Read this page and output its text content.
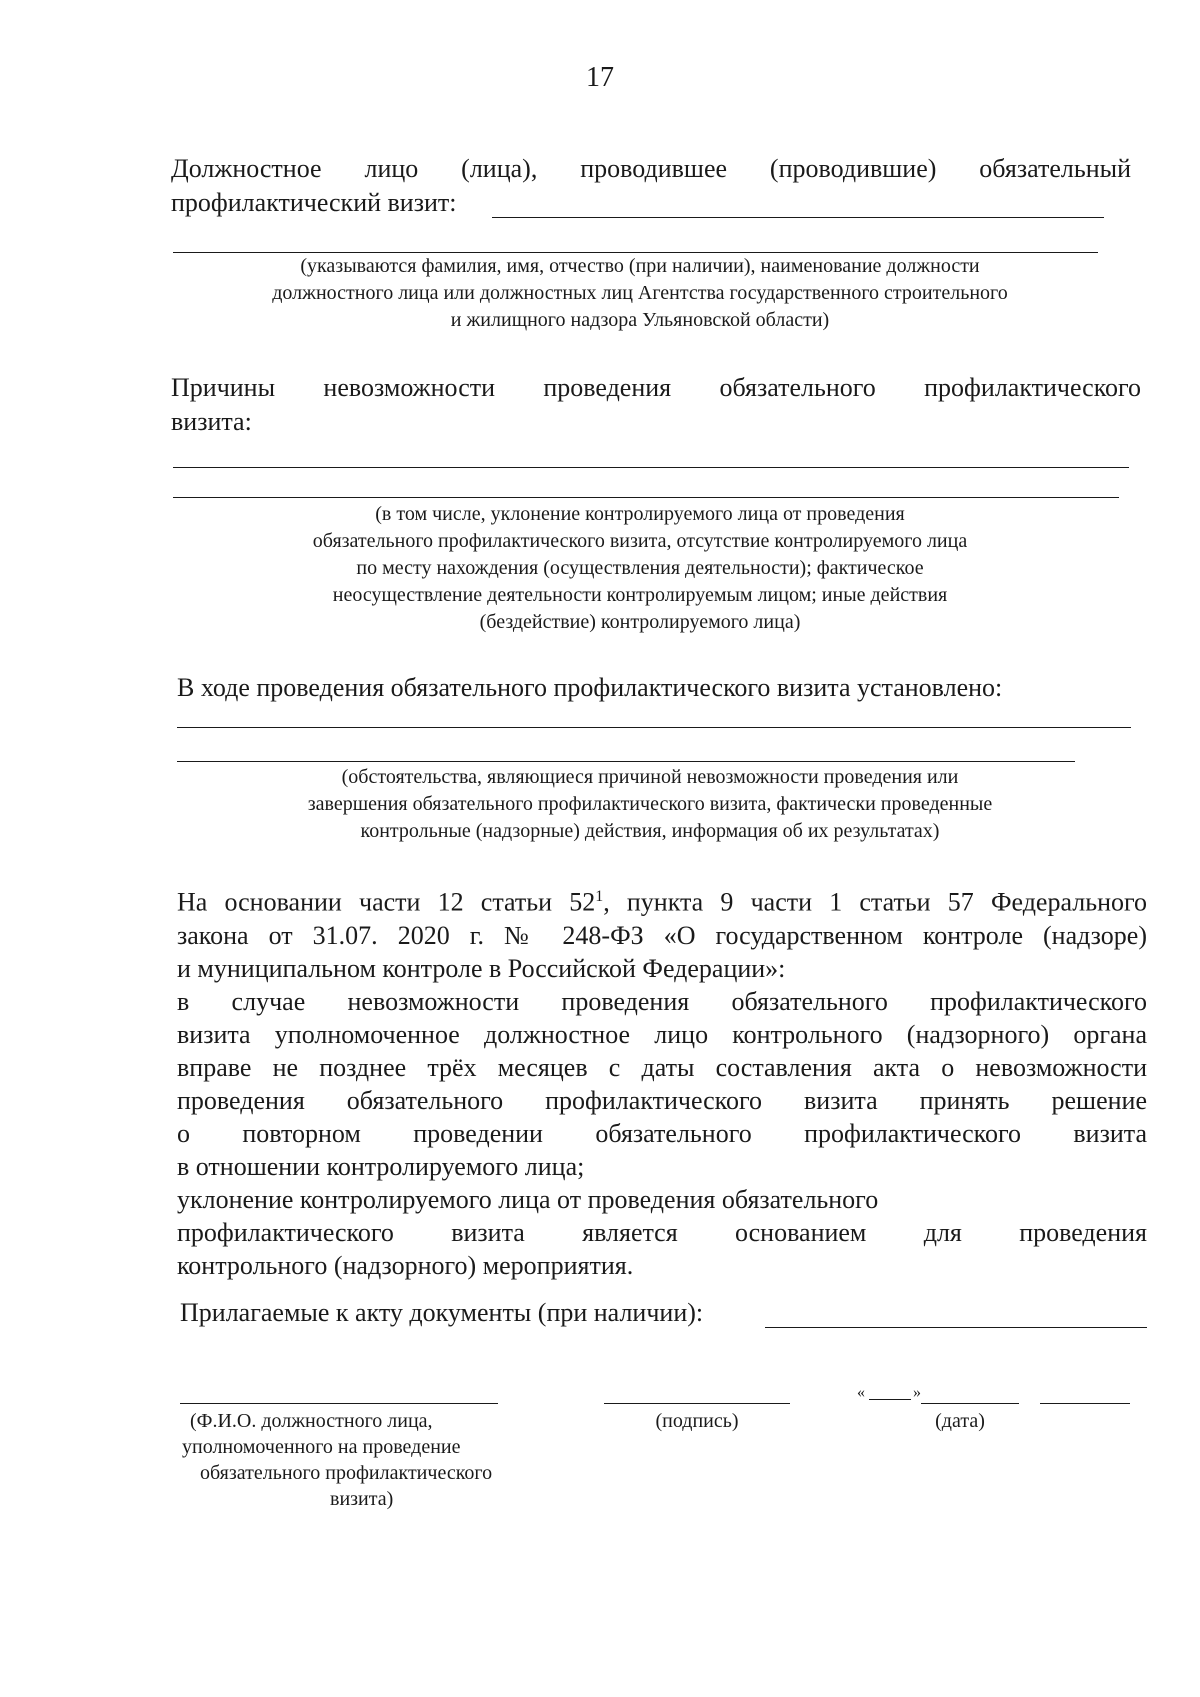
17
Должностное лицо (лица), проводившее (проводившие) обязательный
профилактический визит:
(указываются фамилия, имя, отчество (при наличии), наименование должности
должностного лица или должностных лиц Агентства государственного строительного
и жилищного надзора Ульяновской области)
Причины невозможности проведения обязательного профилактического
визита:
(в том числе, уклонение контролируемого лица от проведения
обязательного профилактического визита, отсутствие контролируемого лица
по месту нахождения (осуществления деятельности); фактическое
неосуществление деятельности контролируемым лицом; иные действия
(бездействие) контролируемого лица)
В ходе проведения обязательного профилактического визита установлено:
(обстоятельства, являющиеся причиной невозможности проведения или
завершения обязательного профилактического визита, фактически проведенные
контрольные (надзорные) действия, информация об их результатах)
На основании части 12 статьи $52^1$, пункта 9 части 1 статьи 57 Федерального
закона от 31.07. 2020 г. № 248-ФЗ «О государственном контроле (надзоре)
и муниципальном контроле в Российской Федерации»:
в случае невозможности проведения обязательного профилактического
визита уполномоченное должностное лицо контрольного (надзорного) органа
вправе не позднее трёх месяцев с даты составления акта о невозможности
проведения обязательного профилактического визита принять решение
о повторном проведении обязательного профилактического визита
в отношении контролируемого лица;
уклонение контролируемого лица от проведения обязательного
профилактического визита является основанием для проведения
контрольного (надзорного) мероприятия.
Прилагаемые к акту документы (при наличии):
(Ф.И.О. должностного лица,
уполномоченного на проведение
обязательного профилактического
визита)
(подпись)
«	»
(дата)
